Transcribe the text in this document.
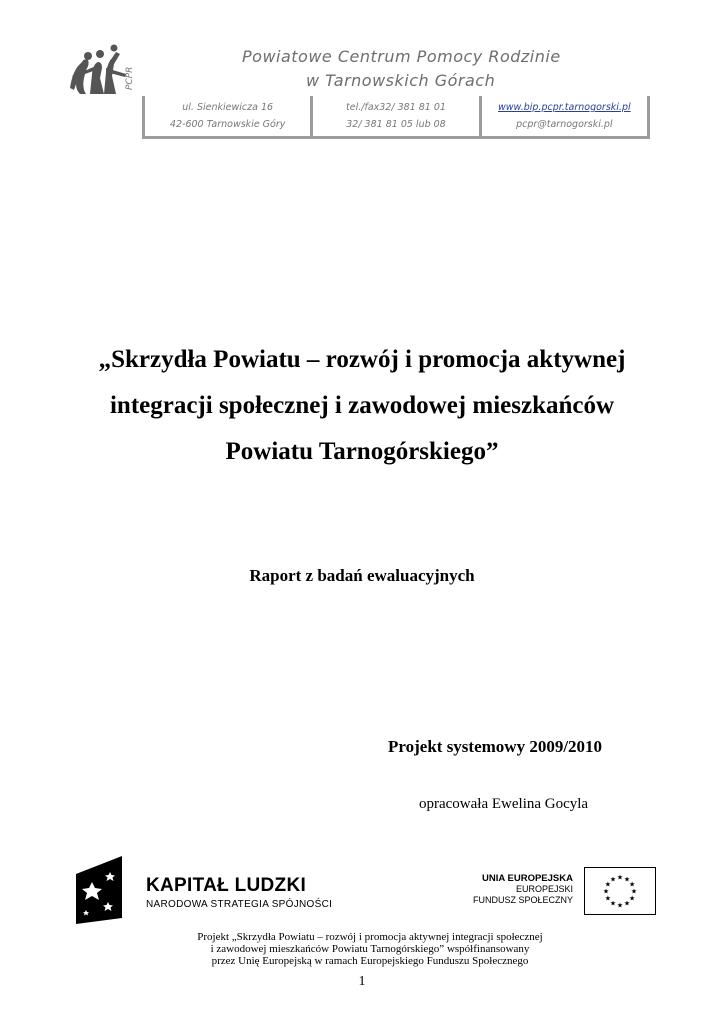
PCPR
Powiatowe Centrum Pomocy Rodzinie
w Tarnowskich Górach
ul. Sienkiewicza 16
42-600 Tarnowskie Góry
tel./fax32/ 381 81 01
32/ 381 81 05 lub 08
www.bip.pcpr.tarnogorski.pl
pcpr@tarnogorski.pl
„Skrzydła Powiatu – rozwój i promocja aktywnej
integracji społecznej i zawodowej mieszkańców
Powiatu Tarnogórskiego”
Raport z badań ewaluacyjnych
Projekt systemowy 2009/2010
opracowała Ewelina Gocyla
KAPITAŁ LUDZKI
NARODOWA STRATEGIA SPÓJNOŚCI
UNIA EUROPEJSKA
EUROPEJSKI
FUNDUSZ SPOŁECZNY
★ ★
★
★
★
★
★
★
★
★
★
★
Projekt „Skrzydła Powiatu – rozwój i promocja aktywnej integracji społecznej
i zawodowej mieszkańców Powiatu Tarnogórskiego” współfinansowany
przez Unię Europejską w ramach Europejskiego Funduszu Społecznego
1
